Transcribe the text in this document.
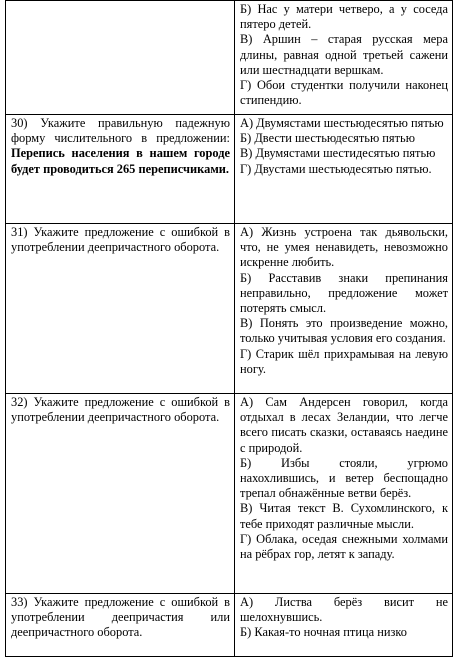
	Б) Нас у матери четверо, а у соседа пятеро детей.
В) Аршин – старая русская мера длины, равная одной третьей сажени или шестнадцати вершкам.
Г) Обои студентки получили наконец стипендию.

30) Укажите правильную падежную форму числительного в предложении: Перепись населения в нашем городе будет проводиться 265 переписчиками.	А) Двумястами шестьюдесятью пятью
Б) Двести шестьюдесятью пятью
В) Двумястами шестидесятью пятью
Г) Двустами шестьюдесятью пятью.

31) Укажите предложение с ошибкой в употреблении деепричастного оборота.	А) Жизнь устроена так дьявольски, что, не умея ненавидеть, невозможно искренне любить.
Б) Расставив знаки препинания неправильно, предложение может потерять смысл.
В) Понять это произведение можно, только учитывая условия его создания.
Г) Старик шёл прихрамывая на левую ногу.

32) Укажите предложение с ошибкой в употреблении деепричастного оборота.	А) Сам Андерсен говорил, когда отдыхал в лесах Зеландии, что легче всего писать сказки, оставаясь наедине с природой.
Б) Избы стояли, угрюмо нахохлившись, и ветер беспощадно трепал обнажённые ветви берёз.
В) Читая текст В. Сухомлинского, к тебе приходят различные мысли.
Г) Облака, оседая снежными холмами на рёбрах гор, летят к западу.

33) Укажите предложение с ошибкой в употреблении деепричастия или деепричастного оборота.	А) Листва берёз висит не шелохнувшись.
Б) Какая-то ночная птица низко
